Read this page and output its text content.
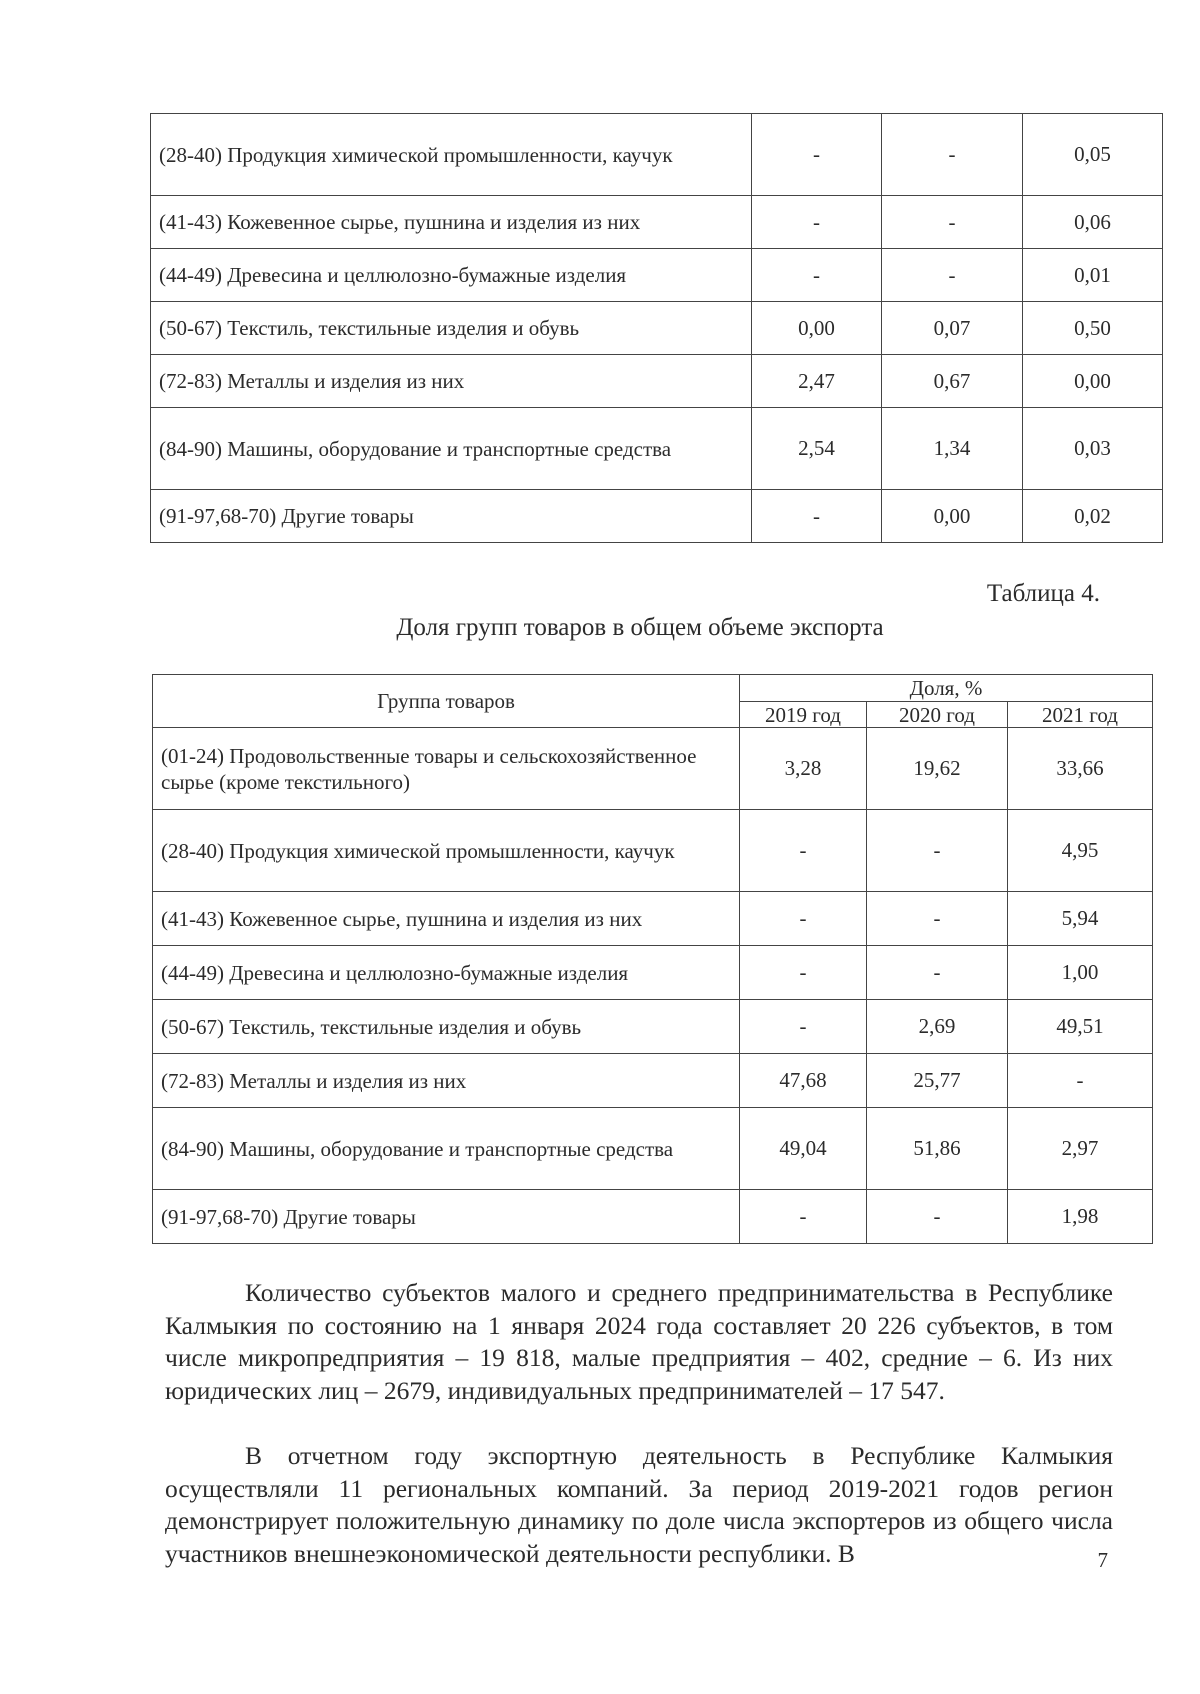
(28-40) Продукция химической промышленности, каучук	-	-	0,05
(41-43) Кожевенное сырье, пушнина и изделия из них	-	-	0,06
(44-49) Древесина и целлюлозно-бумажные изделия	-	-	0,01
(50-67) Текстиль, текстильные изделия и обувь	0,00	0,07	0,50
(72-83) Металлы и изделия из них	2,47	0,67	0,00
(84-90) Машины, оборудование и транспортные средства	2,54	1,34	0,03
(91-97,68-70) Другие товары	-	0,00	0,02
Таблица 4.
Доля групп товаров в общем объеме экспорта
Группа товаров	Доля, %		
	2019 год	2020 год	2021 год
(01-24) Продовольственные товары и сельскохозяйственное сырье (кроме текстильного)	3,28	19,62	33,66
(28-40) Продукция химической промышленности, каучук	-	-	4,95
(41-43) Кожевенное сырье, пушнина и изделия из них	-	-	5,94
(44-49) Древесина и целлюлозно-бумажные изделия	-	-	1,00
(50-67) Текстиль, текстильные изделия и обувь	-	2,69	49,51
(72-83) Металлы и изделия из них	47,68	25,77	-
(84-90) Машины, оборудование и транспортные средства	49,04	51,86	2,97
(91-97,68-70) Другие товары	-	-	1,98

Количество субъектов малого и среднего предпринимательства в Республике Калмыкия по состоянию на 1 января 2024 года составляет 20 226 субъектов, в том числе микропредприятия – 19 818, малые предприятия – 402, средние – 6. Из них юридических лиц – 2679, индивидуальных предпринимателей – 17 547.

В отчетном году экспортную деятельность в Республике Калмыкия осуществляли 11 региональных компаний. За период 2019-2021 годов регион демонстрирует положительную динамику по доле числа экспортеров из общего числа участников внешнеэкономической деятельности республики. В	7
